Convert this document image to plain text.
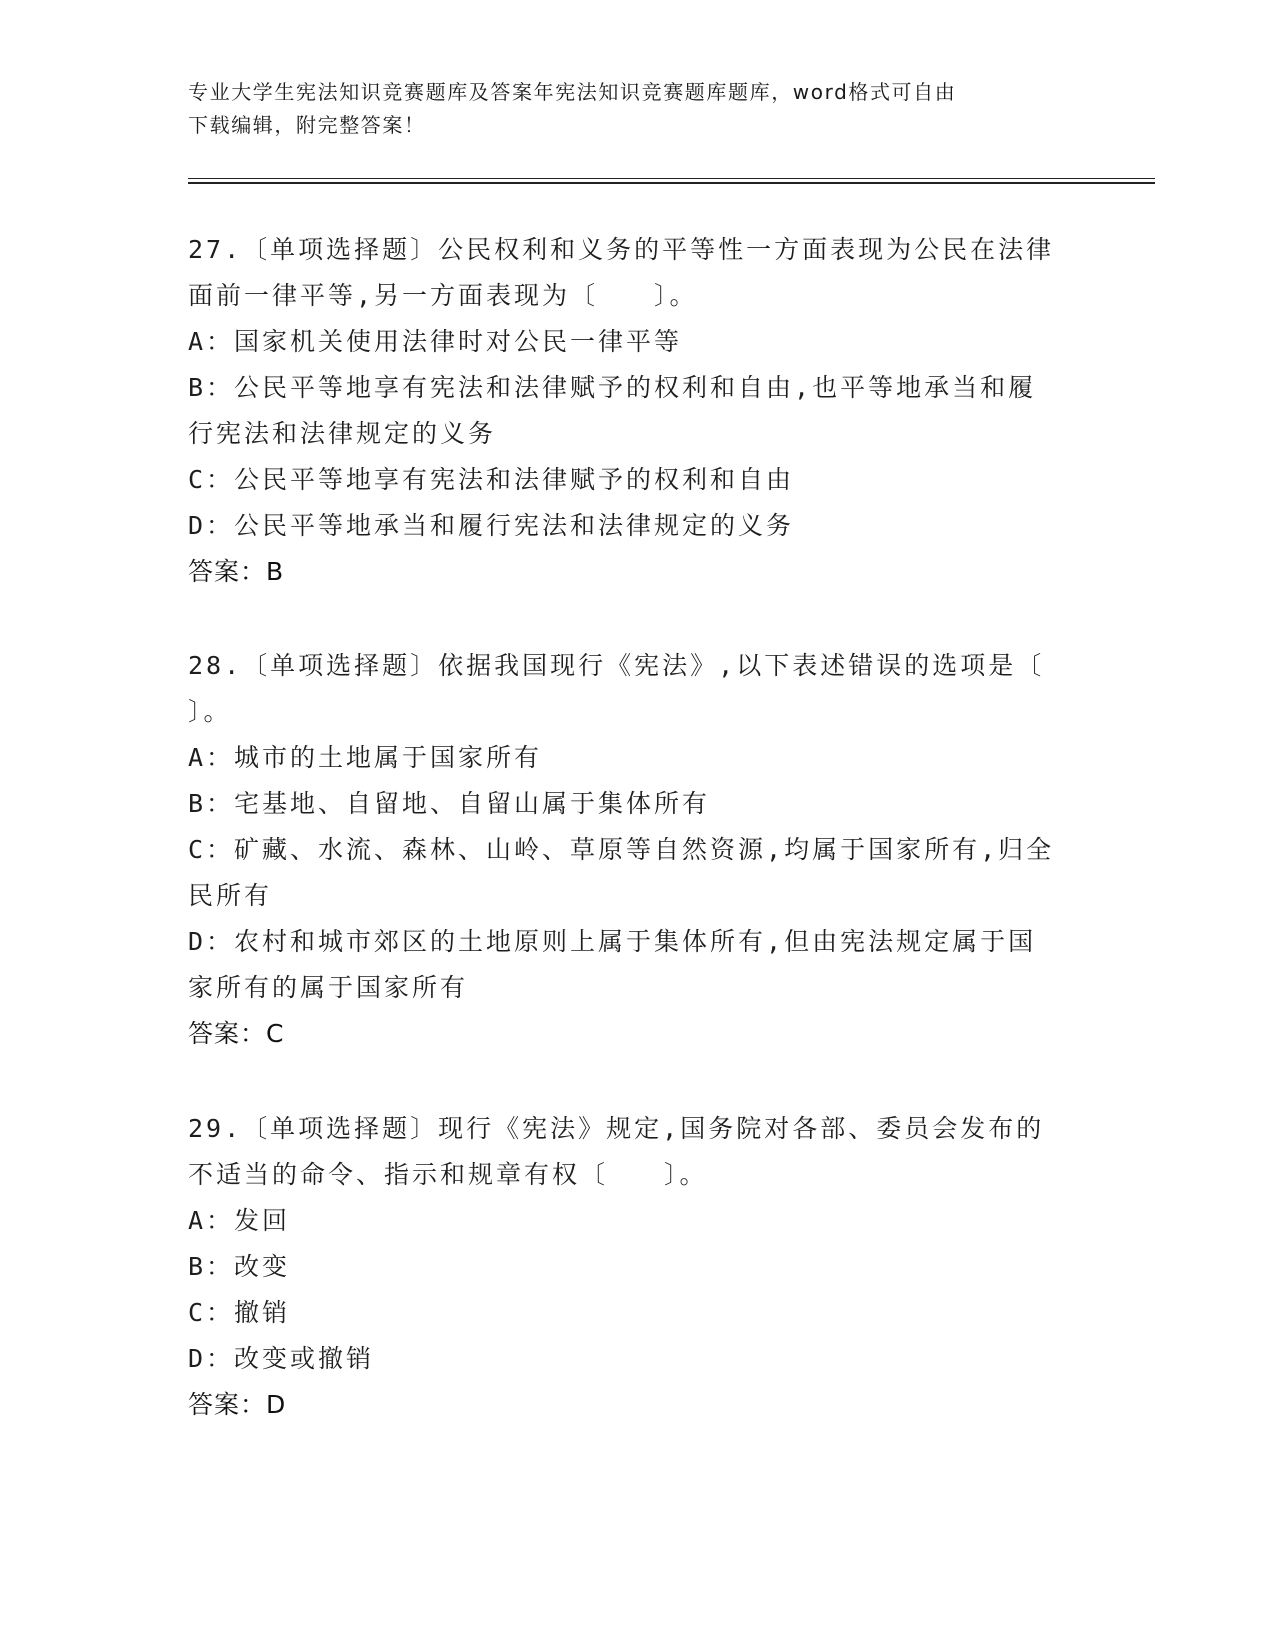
专业大学生宪法知识竞赛题库及答案年宪法知识竞赛题库题库，word格式可自由
下载编辑，附完整答案！
27.〔单项选择题〕公民权利和义务的平等性一方面表现为公民在法律
面前一律平等,另一方面表现为〔　　〕。
A：国家机关使用法律时对公民一律平等
B：公民平等地享有宪法和法律赋予的权利和自由,也平等地承当和履
行宪法和法律规定的义务
C：公民平等地享有宪法和法律赋予的权利和自由
D：公民平等地承当和履行宪法和法律规定的义务
答案：B
28.〔单项选择题〕依据我国现行《宪法》,以下表述错误的选项是〔
〕。
A：城市的土地属于国家所有
B：宅基地、自留地、自留山属于集体所有
C：矿藏、水流、森林、山岭、草原等自然资源,均属于国家所有,归全
民所有
D：农村和城市郊区的土地原则上属于集体所有,但由宪法规定属于国
家所有的属于国家所有
答案：C
29.〔单项选择题〕现行《宪法》规定,国务院对各部、委员会发布的
不适当的命令、指示和规章有权〔　　〕。
A：发回
B：改变
C：撤销
D：改变或撤销
答案：D
